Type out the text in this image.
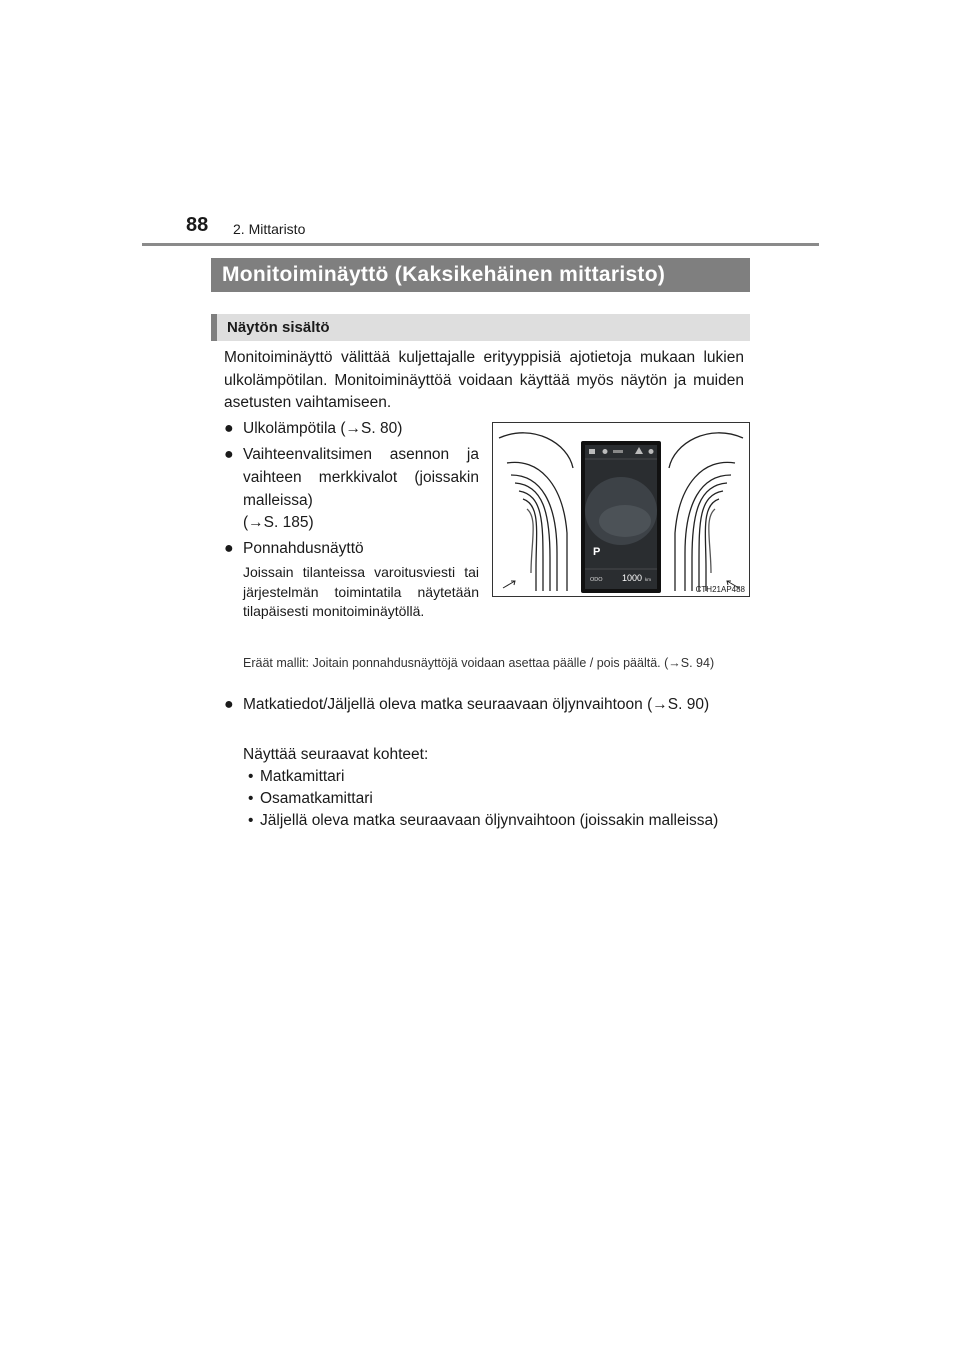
88 2. Mittaristo
Monitoiminäyttö (Kaksikehäinen mittaristo)
Näytön sisältö
Monitoiminäyttö välittää kuljettajalle erityyppisiä ajotietoja mukaan lukien ulkolämpötilan. Monitoiminäyttöä voidaan käyttää myös näytön ja muiden asetusten vaihtamiseen.
● Ulkolämpötila (→S. 80)
● Vaihteenvalitsimen asennon ja
vaihteen merkkivalot (joissakin
malleissa)
(→S. 185)
● Ponnahdusnäyttö
Joissain tilanteissa varoitusviesti tai järjestelmän toimintatila näytetään tilapäisesti monitoiminäytöllä.
Eräät mallit: Joitain ponnahdusnäyttöjä voidaan asettaa päälle / pois päältä. (→S. 94)
● Matkatiedot/Jäljellä oleva matka seuraavaan öljynvaihtoon (→S. 90)
Näyttää seuraavat kohteet:
• Matkamittari
• Osamatkamittari
• Jäljellä oleva matka seuraavaan öljynvaihtoon (joissakin malleissa)
P
ODO 1000 km
CTH21AP488
